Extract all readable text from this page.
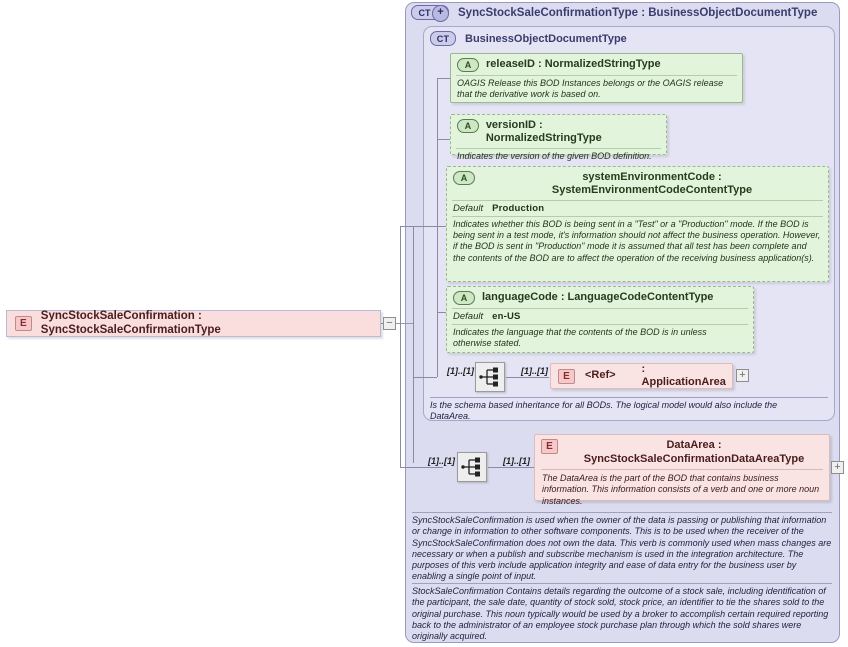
CT +	SyncStockSaleConfirmationType : BusinessObjectDocumentType
CT	BusinessObjectDocumentType
A	releaseID : NormalizedStringType
OAGIS Release this BOD Instances belongs or the OAGIS release that the derivative work is based on.
A	versionID : NormalizedStringType
Indicates the version of the given BOD definition.
A	systemEnvironmentCode : SystemEnvironmentCodeContentType
Default Production
Indicates whether this BOD is being sent in a "Test" or a "Production" mode. If the BOD is being sent in a test mode, it's information should not affect the business operation. However, if the BOD is sent in "Production" mode it is assumed that all test has been complete and the contents of the BOD are to affect the operation of the receiving business application(s).
A	languageCode : LanguageCodeContentType
Default en-US
Indicates the language that the contents of the BOD is in unless otherwise stated.
[1]..[1]	[1]..[1]	E	<Ref>
: ApplicationArea
+
Is the schema based inheritance for all BODs. The logical model would also include the DataArea.
[1]..[1]	[1]..[1]
E	DataArea : SyncStockSaleConfirmationDataAreaType
The DataArea is the part of the BOD that contains business information. This information consists of a verb and one or more noun instances.
+
SyncStockSaleConfirmation is used when the owner of the data is passing or publishing that information or change in information to other software components. This is to be used when the receiver of the SyncStockSaleConfirmation does not own the data. This verb is commonly used when mass changes are necessary or when a publish and subscribe mechanism is used in the integration architecture. The purposes of this verb include application integrity and ease of data entry for the business user by enabling a single point of input.
StockSaleConfirmation Contains details regarding the outcome of a stock sale, including identification of the participant, the sale date, quantity of stock sold, stock price, an identifier to tie the shares sold to the original purchase. This noun typically would be used by a broker to accomplish certain required reporting back to the administrator of an employee stock purchase plan through which the sold shares were originally acquired.
E
SyncStockSaleConfirmation : SyncStockSaleConfirmationType
−
